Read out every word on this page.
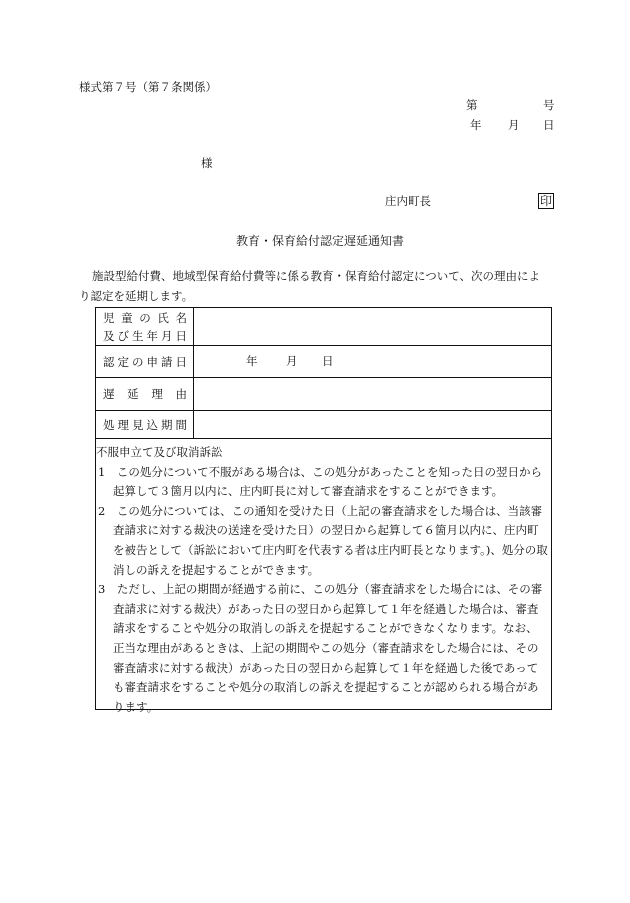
様式第７号（第７条関係）
第	号
年 月 日
様
庄内町長	印
教育・保育給付認定遅延通知書
施設型給付費、地域型保育給付費等に係る教育・保育給付認定について、次の理由によ
り認定を延期します。
児童の氏名
及び生年月日	

認定の申請日	年 月 日

遅延理由	

処理見込期間	

不服申立て及び取消訴訟

1　この処分について不服がある場合は、この処分があったことを知った日の翌日から起算して３箇月以内に、庄内町長に対して審査請求をすることができます。

2　この処分については、この通知を受けた日（上記の審査請求をした場合は、当該審査請求に対する裁決の送達を受けた日）の翌日から起算して６箇月以内に、庄内町を被告として（訴訟において庄内町を代表する者は庄内町長となります。)、処分の取消しの訴えを提起することができます。

3　ただし、上記の期間が経過する前に、この処分（審査請求をした場合には、その審査請求に対する裁決）があった日の翌日から起算して１年を経過した場合は、審査請求をすることや処分の取消しの訴えを提起することができなくなります。なお、正当な理由があるときは、上記の期間やこの処分（審査請求をした場合には、その審査請求に対する裁決）があった日の翌日から起算して１年を経過した後であっても審査請求をすることや処分の取消しの訴えを提起することが認められる場合があります。
